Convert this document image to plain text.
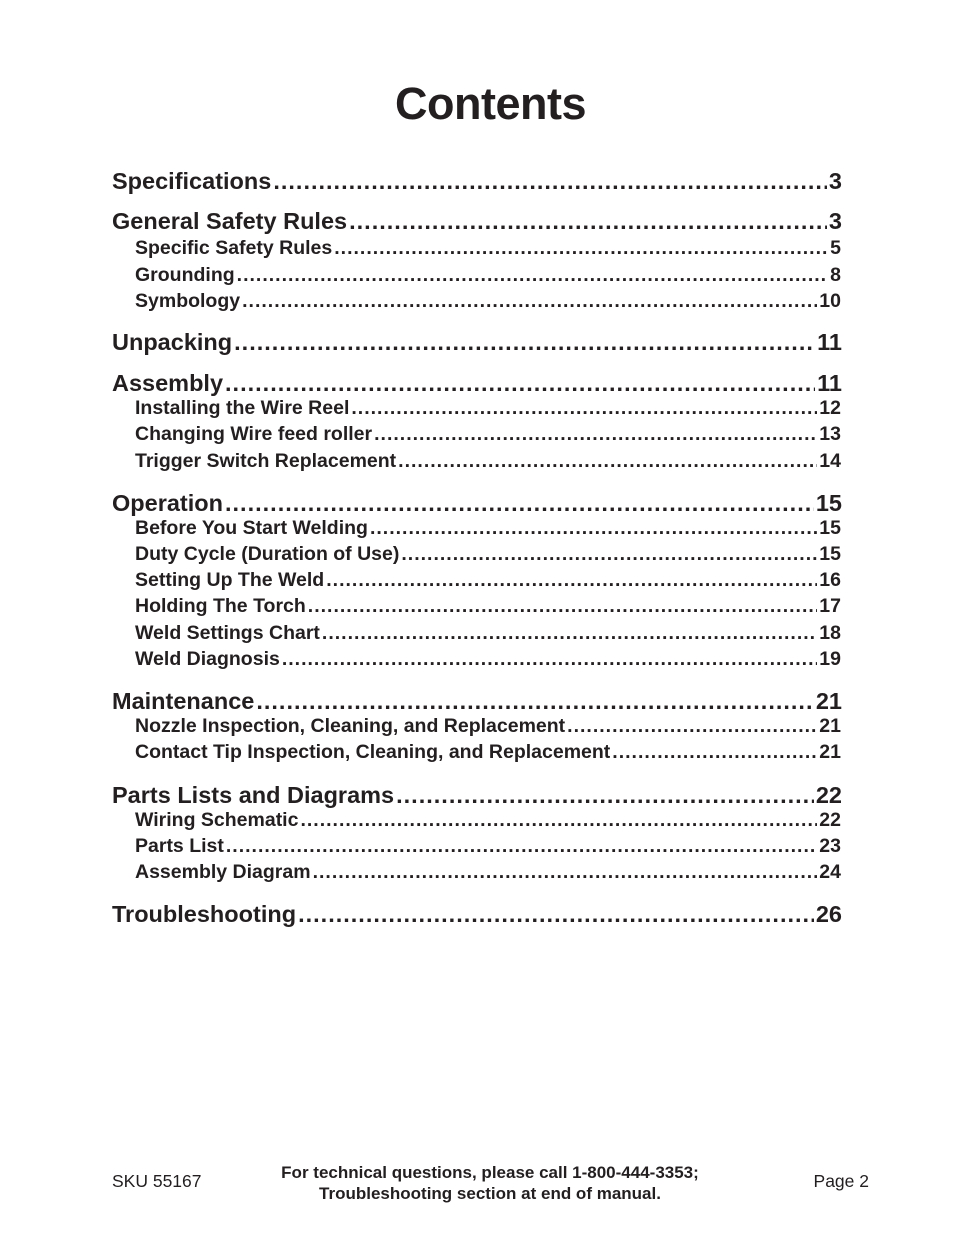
Contents
Specifications .....	3
General Safety Rules .....	3
Specific Safety Rules .....	5
Grounding .....	8
Symbology .....	10
Unpacking .....	11
Assembly .....	11
Installing the Wire Reel .....	12
Changing Wire feed roller .....	13
Trigger Switch Replacement .....	14
Operation .....	15
Before You Start Welding .....	15
Duty Cycle (Duration of Use) .....	15
Setting Up The Weld .....	16
Holding The Torch .....	17
Weld Settings Chart .....	18
Weld Diagnosis .....	19
Maintenance .....	21
Nozzle Inspection, Cleaning, and Replacement .....	21
Contact Tip Inspection, Cleaning, and Replacement .....	21
Parts Lists and Diagrams .....	22
Wiring Schematic .....	22
Parts List .....	23
Assembly Diagram .....	24
Troubleshooting .....	26
SKU 55167	For technical questions, please call 1-800-444-3353;
Troubleshooting section at end of manual.
Page 2
